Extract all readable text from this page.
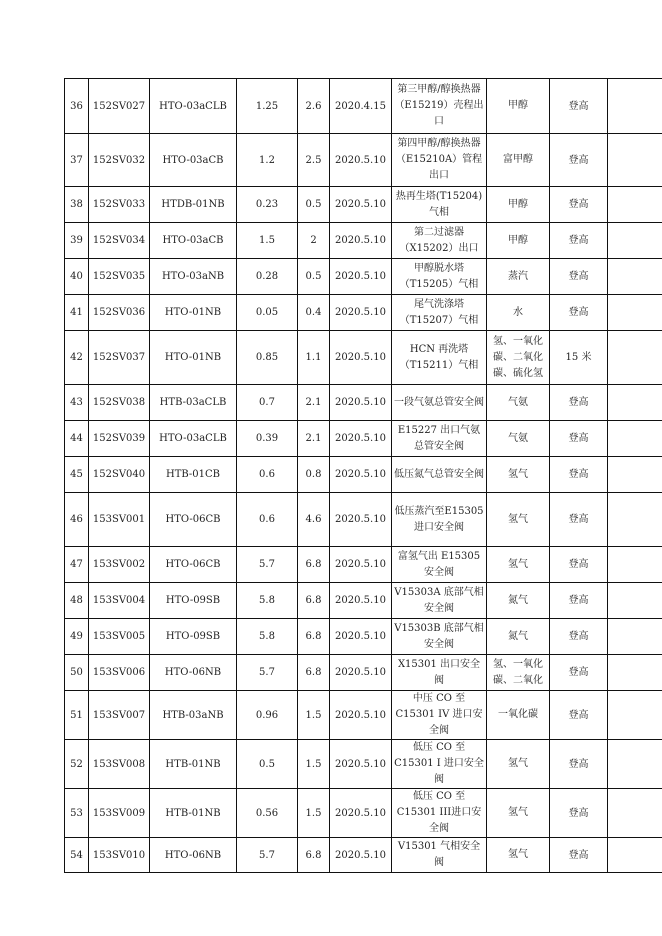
36	152SV027	HTO-03aCLB	1.25	2.6	2020.4.15	第三甲醇/醇换热器（E15219）壳程出口	甲醇	登高	
37	152SV032	HTO-03aCB	1.2	2.5	2020.5.10	第四甲醇/醇换热器（E15210A）管程出口	富甲醇	登高	
38	152SV033	HTDB-01NB	0.23	0.5	2020.5.10	热再生塔(T15204)气相	甲醇	登高	
39	152SV034	HTO-03aCB	1.5	2	2020.5.10	第二过滤器（X15202）出口	甲醇	登高	
40	152SV035	HTO-03aNB	0.28	0.5	2020.5.10	甲醇脱水塔（T15205）气相	蒸汽	登高	
41	152SV036	HTO-01NB	0.05	0.4	2020.5.10	尾气洗涤塔（T15207）气相	水	登高	
42	152SV037	HTO-01NB	0.85	1.1	2020.5.10	HCN 再洗塔（T15211）气相	氢、一氧化碳、二氧化碳、硫化氢	15 米	
43	152SV038	HTB-03aCLB	0.7	2.1	2020.5.10	一段气氨总管安全阀	气氨	登高	
44	152SV039	HTO-03aCLB	0.39	2.1	2020.5.10	E15227 出口气氨总管安全阀	气氨	登高	
45	152SV040	HTB-01CB	0.6	0.8	2020.5.10	低压氮气总管安全阀	氢气	登高	
46	153SV001	HTO-06CB	0.6	4.6	2020.5.10	低压蒸汽至E15305 进口安全阀	氢气	登高	
47	153SV002	HTO-06CB	5.7	6.8	2020.5.10	富氢气出 E15305 安全阀	氢气	登高	
48	153SV004	HTO-09SB	5.8	6.8	2020.5.10	V15303A 底部气相安全阀	氮气	登高	
49	153SV005	HTO-09SB	5.8	6.8	2020.5.10	V15303B 底部气相安全阀	氮气	登高	
50	153SV006	HTO-06NB	5.7	6.8	2020.5.10	X15301 出口安全阀	氢、一氧化碳、二氧化	登高	
51	153SV007	HTB-03aNB	0.96	1.5	2020.5.10	中压 CO 至 C15301 IV 进口安全阀	一氧化碳	登高	
52	153SV008	HTB-01NB	0.5	1.5	2020.5.10	低压 CO 至 C15301 I 进口安全阀	氢气	登高	
53	153SV009	HTB-01NB	0.56	1.5	2020.5.10	低压 CO 至 C15301 III进口安全阀	氢气	登高	
54	153SV010	HTO-06NB	5.7	6.8	2020.5.10	V15301 气相安全阀	氢气	登高	
